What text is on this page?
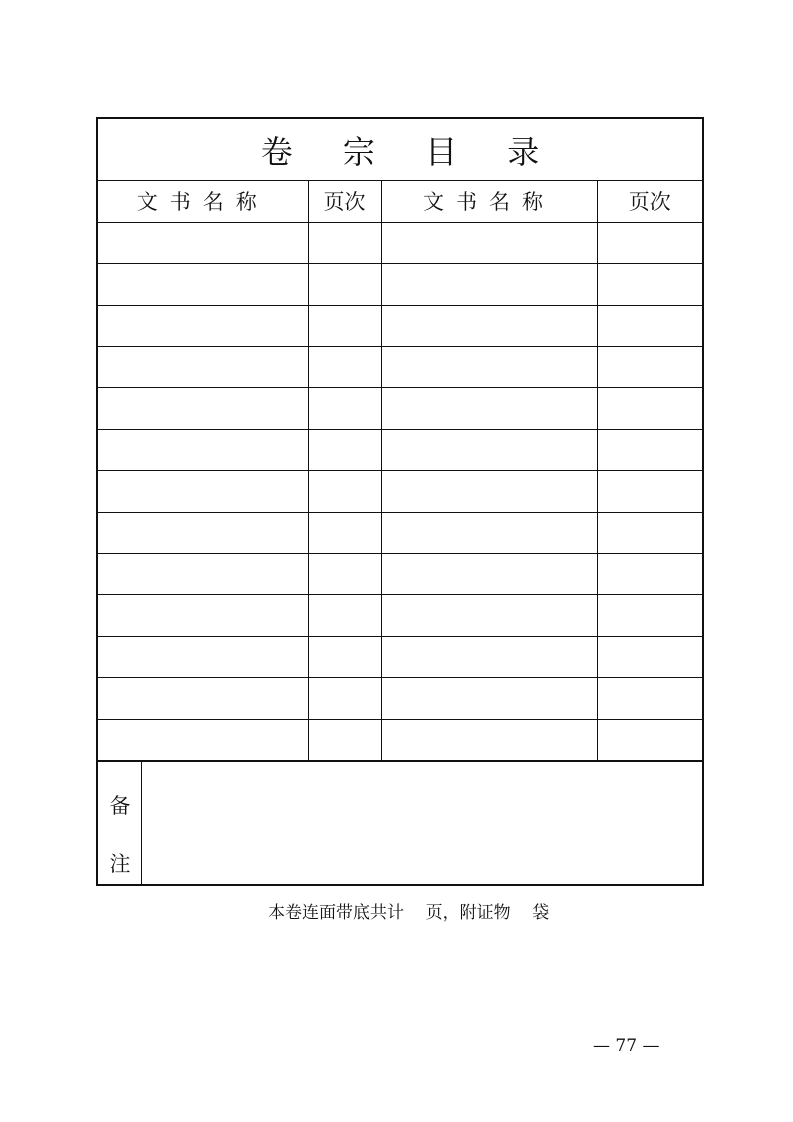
卷 宗 目 录
文书名称	页次	文书名称	页次

备
注
本卷连面带底共计    页，附证物    袋
— 77 —
